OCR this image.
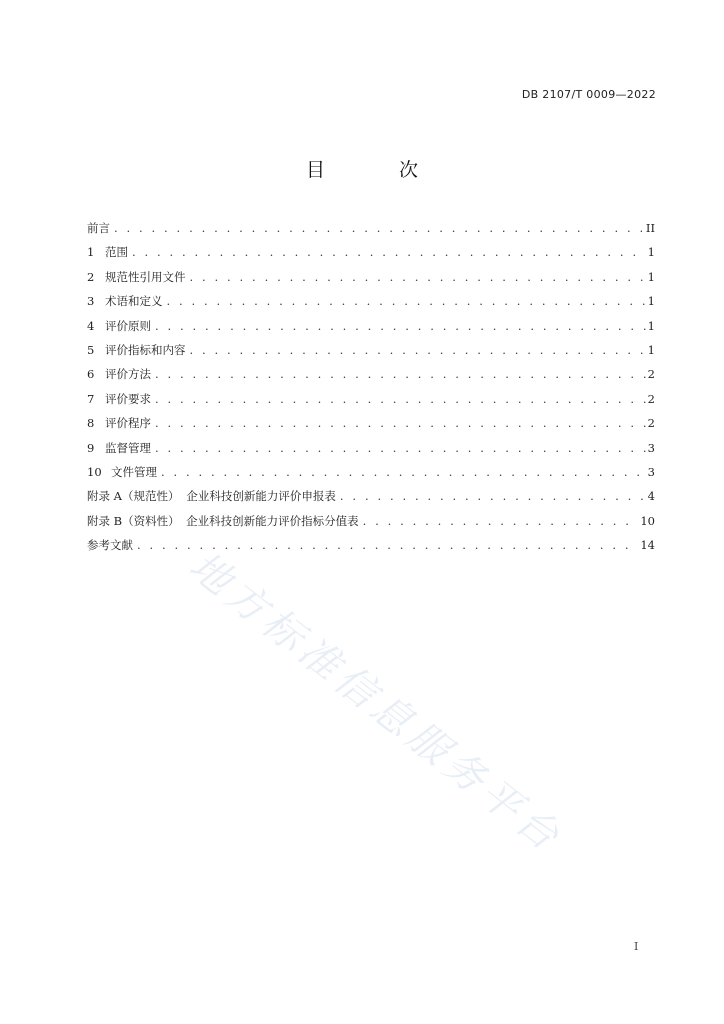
DB 2107/T 0009—2022
目 次
前言 . . .	II
1 范围 . . .	1
2 规范性引用文件 . . .	1
3 术语和定义 . . .	1
4 评价原则 . . .	1
5 评价指标和内容 . . .	1
6 评价方法 . . .	2
7 评价要求 . . .	2
8 评价程序 . . .	2
9 监督管理 . . .	3
10 文件管理 . . .	3
附录 A（规范性） 企业科技创新能力评价申报表 . . .	4
附录 B（资料性） 企业科技创新能力评价指标分值表 . . .	10
参考文献 . . .	14
地方标准信息服务平台
I
